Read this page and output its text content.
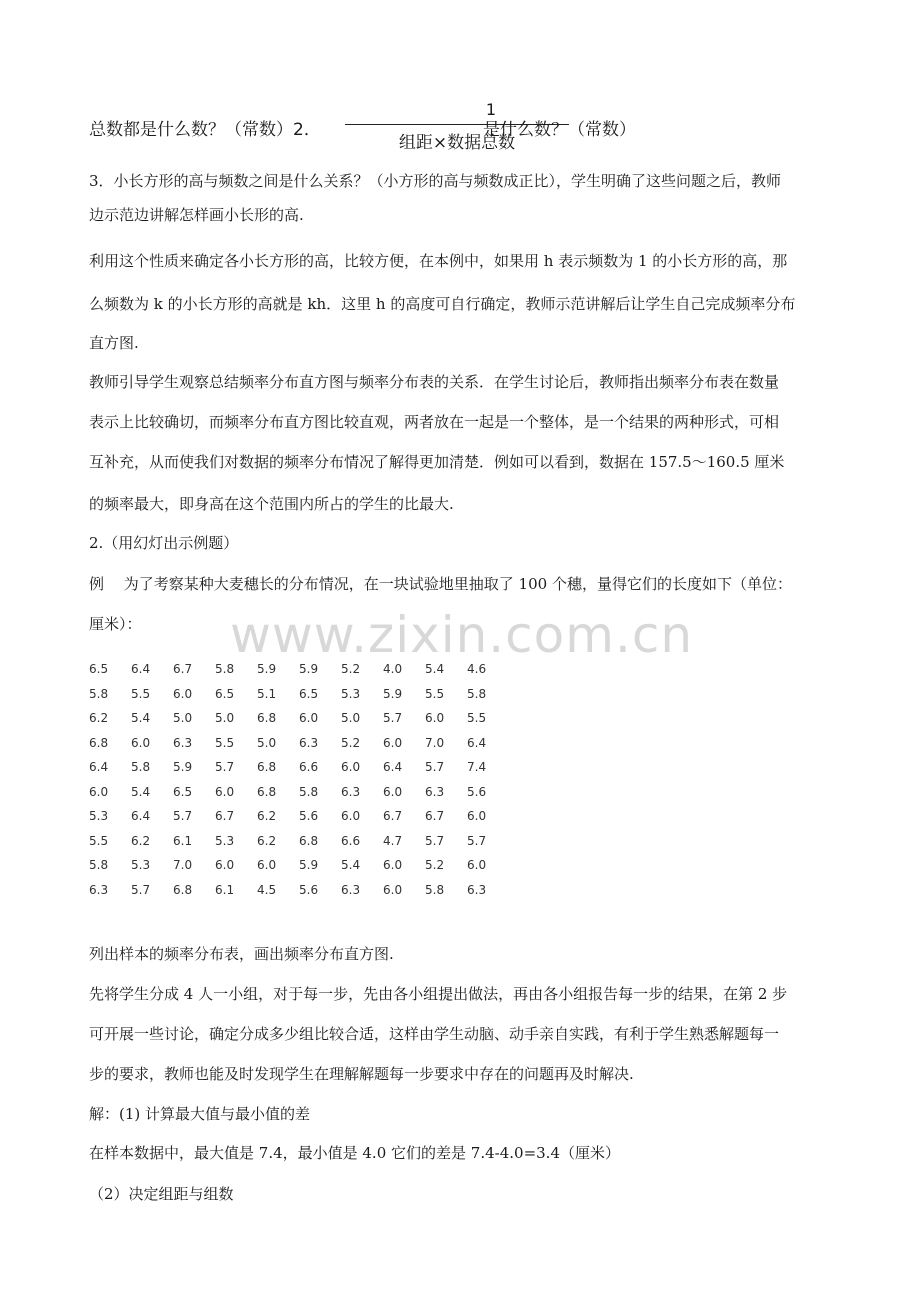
总数都是什么数？（常数）2．
1
组距×数据总数
是什么数？（常数）
3．小长方形的高与频数之间是什么关系？（小方形的高与频数成正比），学生明确了这些问题之后，教师
边示范边讲解怎样画小长形的高.
利用这个性质来确定各小长方形的高，比较方便，在本例中，如果用 h 表示频数为 1 的小长方形的高，那
么频数为 k 的小长方形的高就是 kh．这里 h 的高度可自行确定，教师示范讲解后让学生自己完成频率分布
直方图.
教师引导学生观察总结频率分布直方图与频率分布表的关系．在学生讨论后，教师指出频率分布表在数量
表示上比较确切，而频率分布直方图比较直观，两者放在一起是一个整体，是一个结果的两种形式，可相
互补充，从而使我们对数据的频率分布情况了解得更加清楚．例如可以看到，数据在 157.5～160.5 厘米
的频率最大，即身高在这个范围内所占的学生的比最大.
2.（用幻灯出示例题）
例　 为了考察某种大麦穗长的分布情况，在一块试验地里抽取了 100 个穗，量得它们的长度如下（单位：
厘米）： www.zixin.com.cn
6.5	6.4	6.7	5.8	5.9	5.9	5.2	4.0	5.4	4.6
5.8	5.5	6.0	6.5	5.1	6.5	5.3	5.9	5.5	5.8
6.2	5.4	5.0	5.0	6.8	6.0	5.0	5.7	6.0	5.5
6.8	6.0	6.3	5.5	5.0	6.3	5.2	6.0	7.0	6.4
6.4	5.8	5.9	5.7	6.8	6.6	6.0	6.4	5.7	7.4
6.0	5.4	6.5	6.0	6.8	5.8	6.3	6.0	6.3	5.6
5.3	6.4	5.7	6.7	6.2	5.6	6.0	6.7	6.7	6.0
5.5	6.2	6.1	5.3	6.2	6.8	6.6	4.7	5.7	5.7
5.8	5.3	7.0	6.0	6.0	5.9	5.4	6.0	5.2	6.0
6.3	5.7	6.8	6.1	4.5	5.6	6.3	6.0	5.8	6.3
列出样本的频率分布表，画出频率分布直方图.
先将学生分成 4 人一小组，对于每一步，先由各小组提出做法，再由各小组报告每一步的结果，在第 2 步
可开展一些讨论，确定分成多少组比较合适，这样由学生动脑、动手亲自实践，有利于学生熟悉解题每一
步的要求，教师也能及时发现学生在理解解题每一步要求中存在的问题再及时解决.
解：(1) 计算最大值与最小值的差
在样本数据中，最大值是 7.4，最小值是 4.0 它们的差是 7.4-4.0=3.4（厘米）
（2）决定组距与组数
